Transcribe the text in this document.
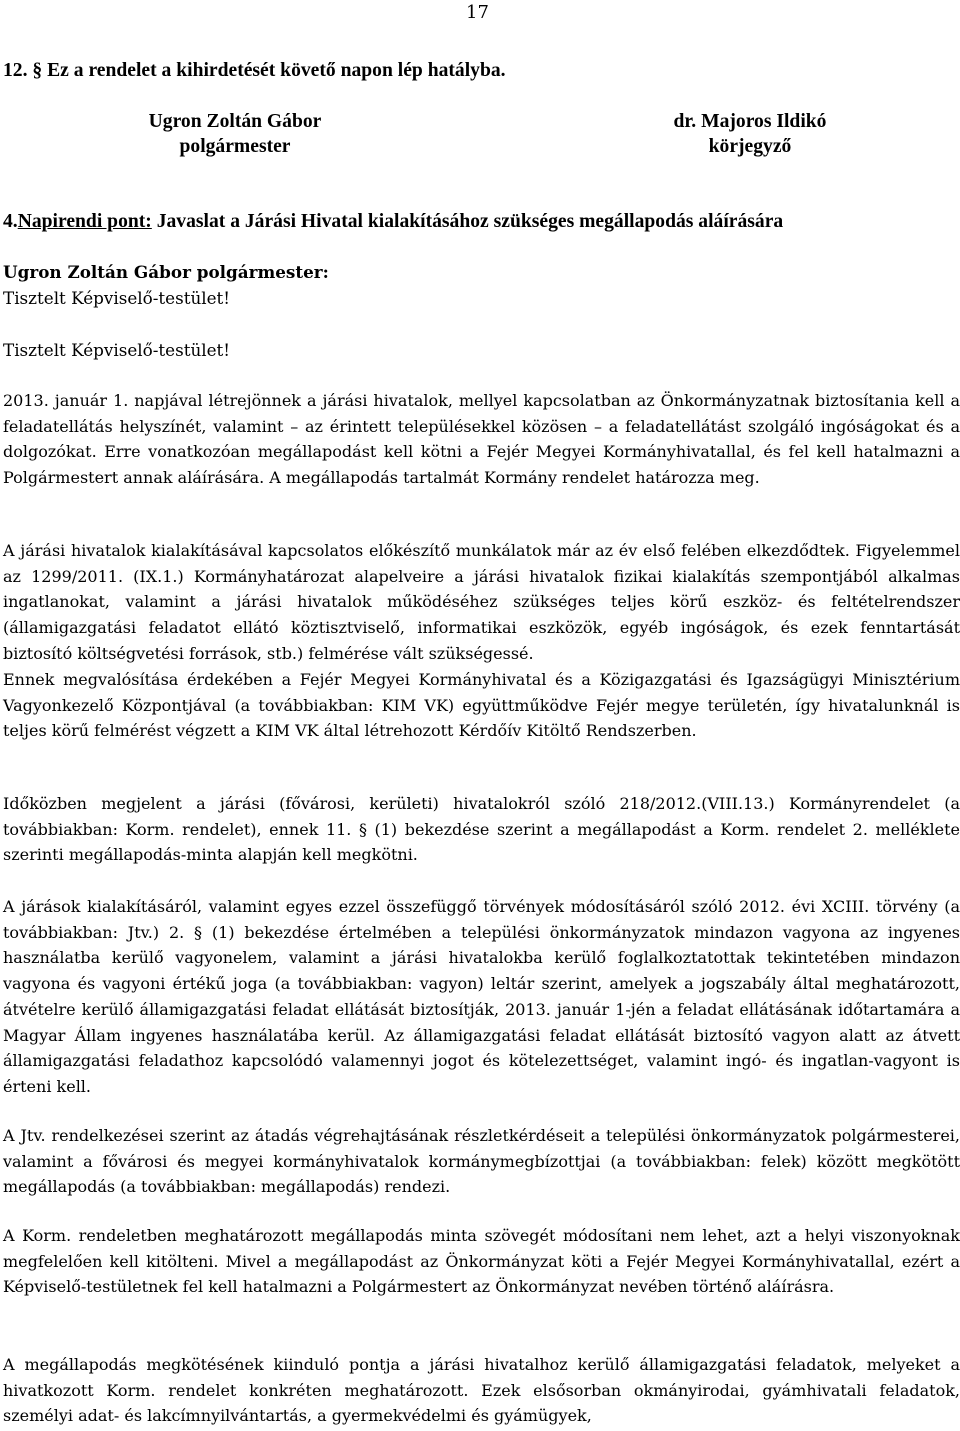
17
12. § Ez a rendelet a kihirdetését követő napon lép hatályba.
Ugron Zoltán Gábor
polgármester
dr. Majoros Ildikó
körjegyző
4.Napirendi pont: Javaslat a Járási Hivatal kialakításához szükséges megállapodás aláírására
Ugron Zoltán Gábor polgármester:
Tisztelt Képviselő-testület!
Tisztelt Képviselő-testület!
2013. január 1. napjával létrejönnek a járási hivatalok, mellyel kapcsolatban az Önkormányzatnak biztosítania kell a feladatellátás helyszínét, valamint – az érintett településekkel közösen – a feladatellátást szolgáló ingóságokat és a dolgozókat. Erre vonatkozóan megállapodást kell kötni a Fejér Megyei Kormányhivatallal, és fel kell hatalmazni a Polgármestert annak aláírására. A megállapodás tartalmát Kormány rendelet határozza meg.
A járási hivatalok kialakításával kapcsolatos előkészítő munkálatok már az év első felében elkezdődtek. Figyelemmel az 1299/2011. (IX.1.) Kormányhatározat alapelveire a járási hivatalok fizikai kialakítás szempontjából alkalmas ingatlanokat, valamint a járási hivatalok működéséhez szükséges teljes körű eszköz- és feltételrendszer (államigazgatási feladatot ellátó köztisztviselő, informatikai eszközök, egyéb ingóságok, és ezek fenntartását biztosító költségvetési források, stb.) felmérése vált szükségessé.
Ennek megvalósítása érdekében a Fejér Megyei Kormányhivatal és a Közigazgatási és Igazságügyi Minisztérium Vagyonkezelő Központjával (a továbbiakban: KIM VK) együttműködve Fejér megye területén, így hivatalunknál is teljes körű felmérést végzett a KIM VK által létrehozott Kérdőív Kitöltő Rendszerben.
Időközben megjelent a járási (fővárosi, kerületi) hivatalokról szóló 218/2012.(VIII.13.) Kormányrendelet (a továbbiakban: Korm. rendelet), ennek 11. § (1) bekezdése szerint a megállapodást a Korm. rendelet 2. melléklete szerinti megállapodás-minta alapján kell megkötni.
A járások kialakításáról, valamint egyes ezzel összefüggő törvények módosításáról szóló 2012. évi XCIII. törvény (a továbbiakban: Jtv.) 2. § (1) bekezdése értelmében a települési önkormányzatok mindazon vagyona az ingyenes használatba kerülő vagyonelem, valamint a járási hivatalokba kerülő foglalkoztatottak tekintetében mindazon vagyona és vagyoni értékű joga (a továbbiakban: vagyon) leltár szerint, amelyek a jogszabály által meghatározott, átvételre kerülő államigazgatási feladat ellátását biztosítják, 2013. január 1-jén a feladat ellátásának időtartamára a Magyar Állam ingyenes használatába kerül. Az államigazgatási feladat ellátását biztosító vagyon alatt az átvett államigazgatási feladathoz kapcsolódó valamennyi jogot és kötelezettséget, valamint ingó- és ingatlan-vagyont is érteni kell.
A Jtv. rendelkezései szerint az átadás végrehajtásának részletkérdéseit a települési önkormányzatok polgármesterei, valamint a fővárosi és megyei kormányhivatalok kormánymegbízottjai (a továbbiakban: felek) között megkötött megállapodás (a továbbiakban: megállapodás) rendezi.
A Korm. rendeletben meghatározott megállapodás minta szövegét módosítani nem lehet, azt a helyi viszonyoknak megfelelően kell kitölteni. Mivel a megállapodást az Önkormányzat köti a Fejér Megyei Kormányhivatallal, ezért a Képviselő-testületnek fel kell hatalmazni a Polgármestert az Önkormányzat nevében történő aláírásra.
A megállapodás megkötésének kiinduló pontja a járási hivatalhoz kerülő államigazgatási feladatok, melyeket a hivatkozott Korm. rendelet konkréten meghatározott. Ezek elsősorban okmányirodai, gyámhivatali feladatok, személyi adat- és lakcímnyilvántartás, a gyermekvédelmi és gyámügyek,
